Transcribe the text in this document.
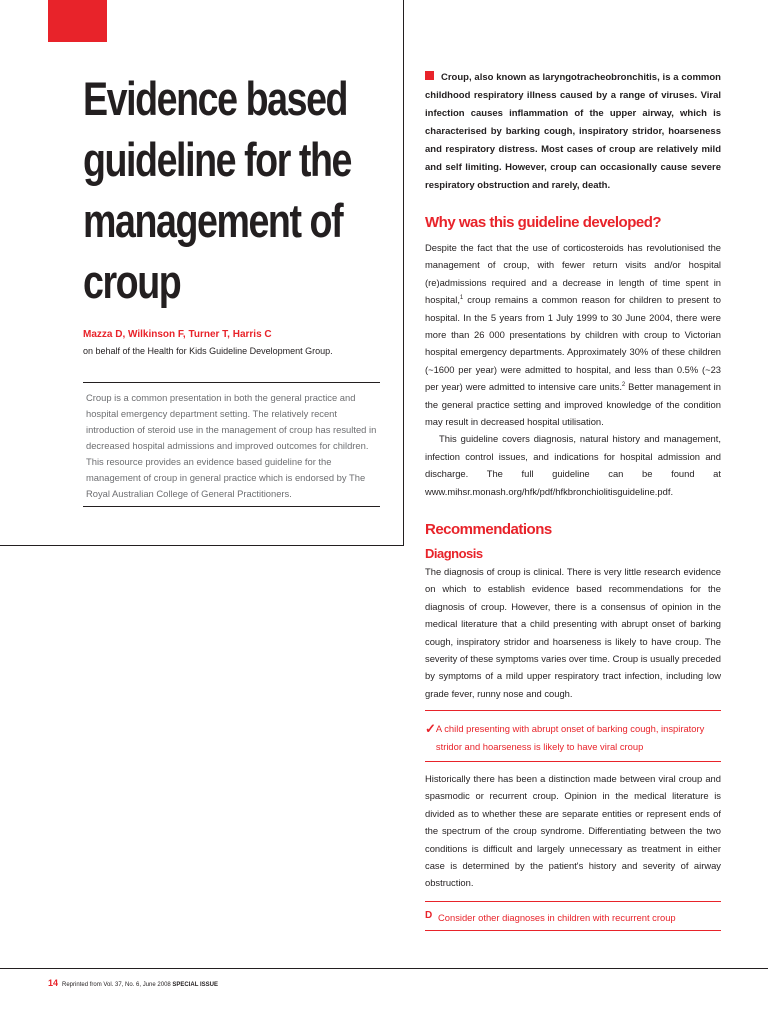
Evidence based guideline for the management of croup

Mazza D, Wilkinson F, Turner T, Harris C

on behalf of the Health for Kids Guideline Development Group.

Croup is a common presentation in both the general practice and hospital emergency department setting. The relatively recent introduction of steroid use in the management of croup has resulted in decreased hospital admissions and improved outcomes for children. This resource provides an evidence based guideline for the management of croup in general practice which is endorsed by The Royal Australian College of General Practitioners.

Croup, also known as laryngotracheobronchitis, is a common childhood respiratory illness caused by a range of viruses. Viral infection causes inflammation of the upper airway, which is characterised by barking cough, inspiratory stridor, hoarseness and respiratory distress. Most cases of croup are relatively mild and self limiting. However, croup can occasionally cause severe respiratory obstruction and rarely, death.

Why was this guideline developed?

Despite the fact that the use of corticosteroids has revolutionised the management of croup, with fewer return visits and/or hospital (re)admissions required and a decrease in length of time spent in hospital,$^1$ croup remains a common reason for children to present to hospital. In the 5 years from 1 July 1999 to 30 June 2004, there were more than 26 000 presentations by children with croup to Victorian hospital emergency departments. Approximately 30% of these children (~1600 per year) were admitted to hospital, and less than 0.5% (~23 per year) were admitted to intensive care units.$^2$ Better management in the general practice setting and improved knowledge of the condition may result in decreased hospital utilisation.

This guideline covers diagnosis, natural history and management, infection control issues, and indications for hospital admission and discharge. The full guideline can be found at www.mihsr.monash.org/hfk/pdf/hfkbronchiolitisguideline.pdf.

Recommendations
Diagnosis

The diagnosis of croup is clinical. There is very little research evidence on which to establish evidence based recommendations for the diagnosis of croup. However, there is a consensus of opinion in the medical literature that a child presenting with abrupt onset of barking cough, inspiratory stridor and hoarseness is likely to have croup. The severity of these symptoms varies over time. Croup is usually preceded by symptoms of a mild upper respiratory tract infection, including low grade fever, runny nose and cough.

✓ A child presenting with abrupt onset of barking cough, inspiratory stridor and hoarseness is likely to have viral croup

Historically there has been a distinction made between viral croup and spasmodic or recurrent croup. Opinion in the medical literature is divided as to whether these are separate entities or represent ends of the spectrum of the croup syndrome. Differentiating between the two conditions is difficult and largely unnecessary as treatment in either case is determined by the patient's history and severity of airway obstruction.

D Consider other diagnoses in children with recurrent croup

14 Reprinted from Vol. 37, No. 6, June 2008 SPECIAL ISSUE
